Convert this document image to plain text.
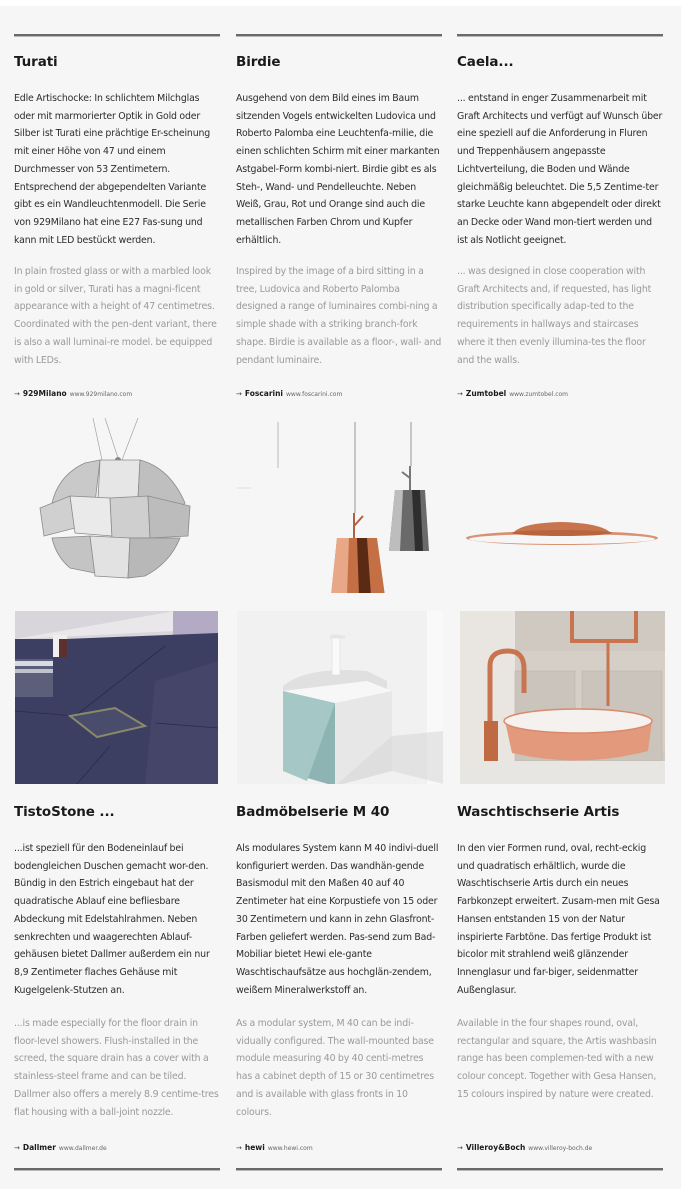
Turati
Edle Artischocke: In schlichtem Milchglas oder mit marmorierter Optik in Gold oder Silber ist Turati eine prächtige Er-scheinung mit einer Höhe von 47 und einem Durchmesser von 53 Zentimetern. Entsprechend der abgependelten Variante gibt es ein Wandleuchtenmodell. Die Serie von 929Milano hat eine E27 Fas-sung und kann mit LED bestückt werden.
In plain frosted glass or with a marbled look in gold or silver, Turati has a magni-ficent appearance with a height of 47 centimetres. Coordinated with the pen-dent variant, there is also a wall luminai-re model. be equipped with LEDs.
→ 929Milano www.929milano.com
Birdie
Ausgehend von dem Bild eines im Baum sitzenden Vogels entwickelten Ludovica und Roberto Palomba eine Leuchtenfa-milie, die einen schlichten Schirm mit einer markanten Astgabel-Form kombi-niert. Birdie gibt es als Steh-, Wand- und Pendelleuchte. Neben Weiß, Grau, Rot und Orange sind auch die metallischen Farben Chrom und Kupfer erhältlich.
Inspired by the image of a bird sitting in a tree, Ludovica and Roberto Palomba designed a range of luminaires combi-ning a simple shade with a striking branch-fork shape. Birdie is available as a floor-, wall- and pendant luminaire.
→ Foscarini www.foscarini.com
Caela...
... entstand in enger Zusammenarbeit mit Graft Architects und verfügt auf Wunsch über eine speziell auf die Anforderung in Fluren und Treppenhäusern angepasste Lichtverteilung, die Boden und Wände gleichmäßig beleuchtet. Die 5,5 Zentime-ter starke Leuchte kann abgependelt oder direkt an Decke oder Wand mon-tiert werden und ist als Notlicht geeignet.
... was designed in close cooperation with Graft Architects and, if requested, has light distribution specifically adap-ted to the requirements in hallways and staircases where it then evenly illumina-tes the floor and the walls.
→ Zumtobel www.zumtobel.com
TistoStone ...
...ist speziell für den Bodeneinlauf bei bodengleichen Duschen gemacht wor-den. Bündig in den Estrich eingebaut hat der quadratische Ablauf eine befliesbare Abdeckung mit Edelstahlrahmen. Neben senkrechten und waagerechten Ablauf-gehäusen bietet Dallmer außerdem ein nur 8,9 Zentimeter flaches Gehäuse mit Kugelgelenk-Stutzen an.
...is made especially for the floor drain in floor-level showers. Flush-installed in the screed, the square drain has a cover with a stainless-steel frame and can be tiled. Dallmer also offers a merely 8.9 centime-tres flat housing with a ball-joint nozzle.
→ Dallmer www.dallmer.de
Badmöbelserie M 40
Als modulares System kann M 40 indivi-duell konfiguriert werden. Das wandhän-gende Basismodul mit den Maßen 40 auf 40 Zentimeter hat eine Korpustiefe von 15 oder 30 Zentimetern und kann in zehn Glasfront-Farben geliefert werden. Pas-send zum Bad-Mobiliar bietet Hewi ele-gante Waschtischaufsätze aus hochglän-zendem, weißem Mineralwerkstoff an.
As a modular system, M 40 can be indi-vidually configured. The wall-mounted base module measuring 40 by 40 centi-metres has a cabinet depth of 15 or 30 centimetres and is available with glass fronts in 10 colours.
→ hewi www.hewi.com
Waschtischserie Artis
In den vier Formen rund, oval, recht-eckig und quadratisch erhältlich, wurde die Waschtischserie Artis durch ein neues Farbkonzept erweitert. Zusam-men mit Gesa Hansen entstanden 15 von der Natur inspirierte Farbtöne. Das fertige Produkt ist bicolor mit strahlend weiß glänzender Innenglasur und far-biger, seidenmatter Außenglasur.
Available in the four shapes round, oval, rectangular and square, the Artis washbasin range has been complemen-ted with a new colour concept. Together with Gesa Hansen, 15 colours inspired by nature were created.
→ Villeroy&Boch www.villeroy-boch.de
